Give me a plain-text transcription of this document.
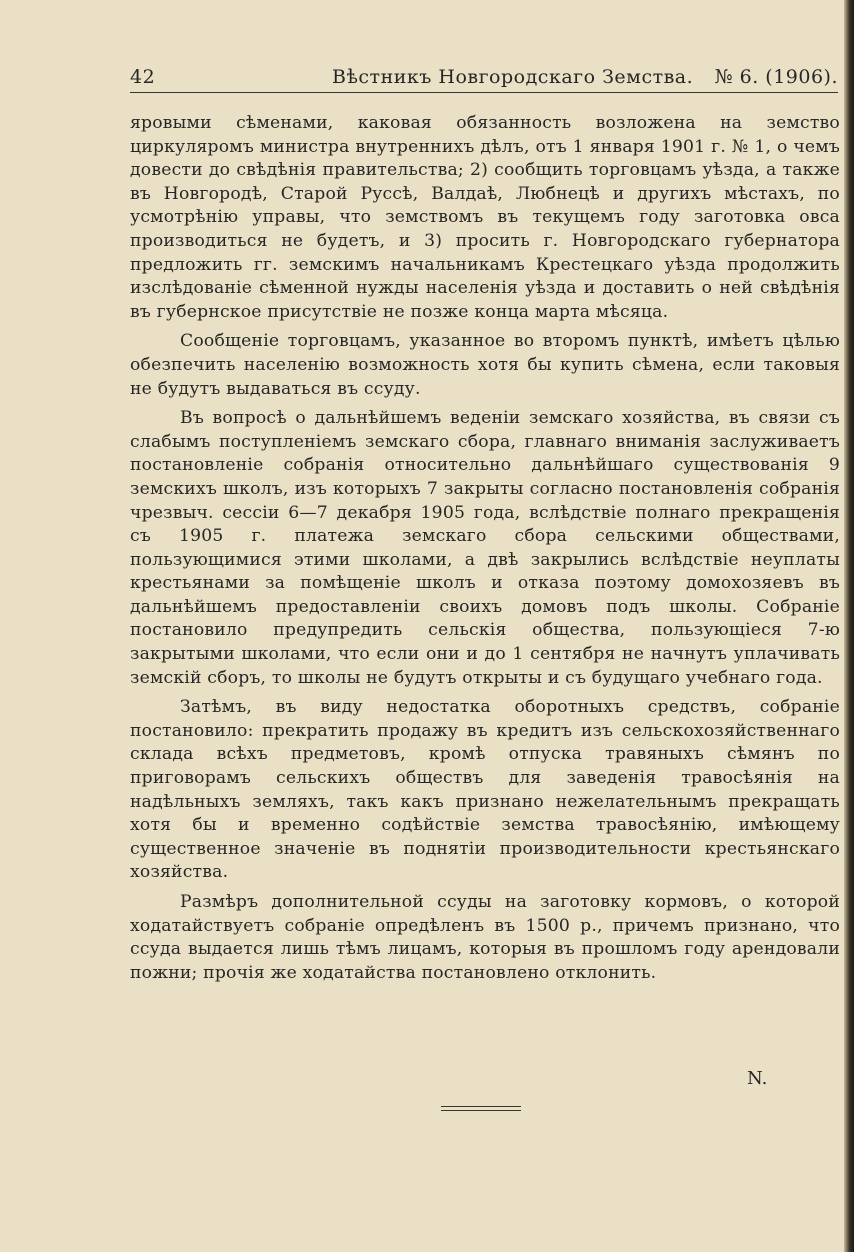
42	Вѣстникъ Новгородскаго Земства. № 6. (1906).

яровыми сѣменами, каковая обязанность возложена на земство циркуляромъ министра внутреннихъ дѣлъ, отъ 1 января 1901 г. № 1, о чемъ довести до свѣдѣнія правительства; 2) сообщить торговцамъ уѣзда, а также въ Новгородѣ, Старой Руссѣ, Валдаѣ, Любнецѣ и другихъ мѣстахъ, по усмотрѣнію управы, что земствомъ въ текущемъ году заготовка овса производиться не будетъ, и 3) просить г. Новгородскаго губернатора предложить гг. земскимъ начальникамъ Крестецкаго уѣзда продолжить изслѣдованіе сѣменной нужды населенія уѣзда и доставить о ней свѣдѣнія въ губернское присутствіе не позже конца марта мѣсяца.

Сообщеніе торговцамъ, указанное во второмъ пунктѣ, имѣетъ цѣлью обезпечить населенію возможность хотя бы купить сѣмена, если таковыя не будутъ выдаваться въ ссуду.

Въ вопросѣ о дальнѣйшемъ веденіи земскаго хозяйства, въ связи съ слабымъ поступленіемъ земскаго сбора, главнаго вниманія заслуживаетъ постановленіе собранія относительно дальнѣйшаго существованія 9 земскихъ школъ, изъ которыхъ 7 закрыты согласно постановленія собранія чрезвыч. сессіи 6—7 декабря 1905 года, вслѣдствіе полнаго прекращенія съ 1905 г. платежа земскаго сбора сельскими обществами, пользующимися этими школами, а двѣ закрылись вслѣдствіе неуплаты крестьянами за помѣщеніе школъ и отказа поэтому домохозяевъ въ дальнѣйшемъ предоставленіи своихъ домовъ подъ школы. Собраніе постановило предупредить сельскія общества, пользующіеся 7-ю закрытыми школами, что если они и до 1 сентября не начнутъ уплачивать земскій сборъ, то школы не будутъ открыты и съ будущаго учебнаго года.

Затѣмъ, въ виду недостатка оборотныхъ средствъ, собраніе постановило: прекратить продажу въ кредитъ изъ сельскохозяйственнаго склада всѣхъ предметовъ, кромѣ отпуска травяныхъ сѣмянъ по приговорамъ сельскихъ обществъ для заведенія травосѣянія на надѣльныхъ земляхъ, такъ какъ признано нежелательнымъ прекращать хотя бы и временно содѣйствіе земства травосѣянію, имѣющему существенное значеніе въ поднятіи производительности крестьянскаго хозяйства.

Размѣръ дополнительной ссуды на заготовку кормовъ, о которой ходатайствуетъ собраніе опредѣленъ въ 1500 р., причемъ признано, что ссуда выдается лишь тѣмъ лицамъ, которыя въ прошломъ году арендовали пожни; прочія же ходатайства постановлено отклонить.

N.
